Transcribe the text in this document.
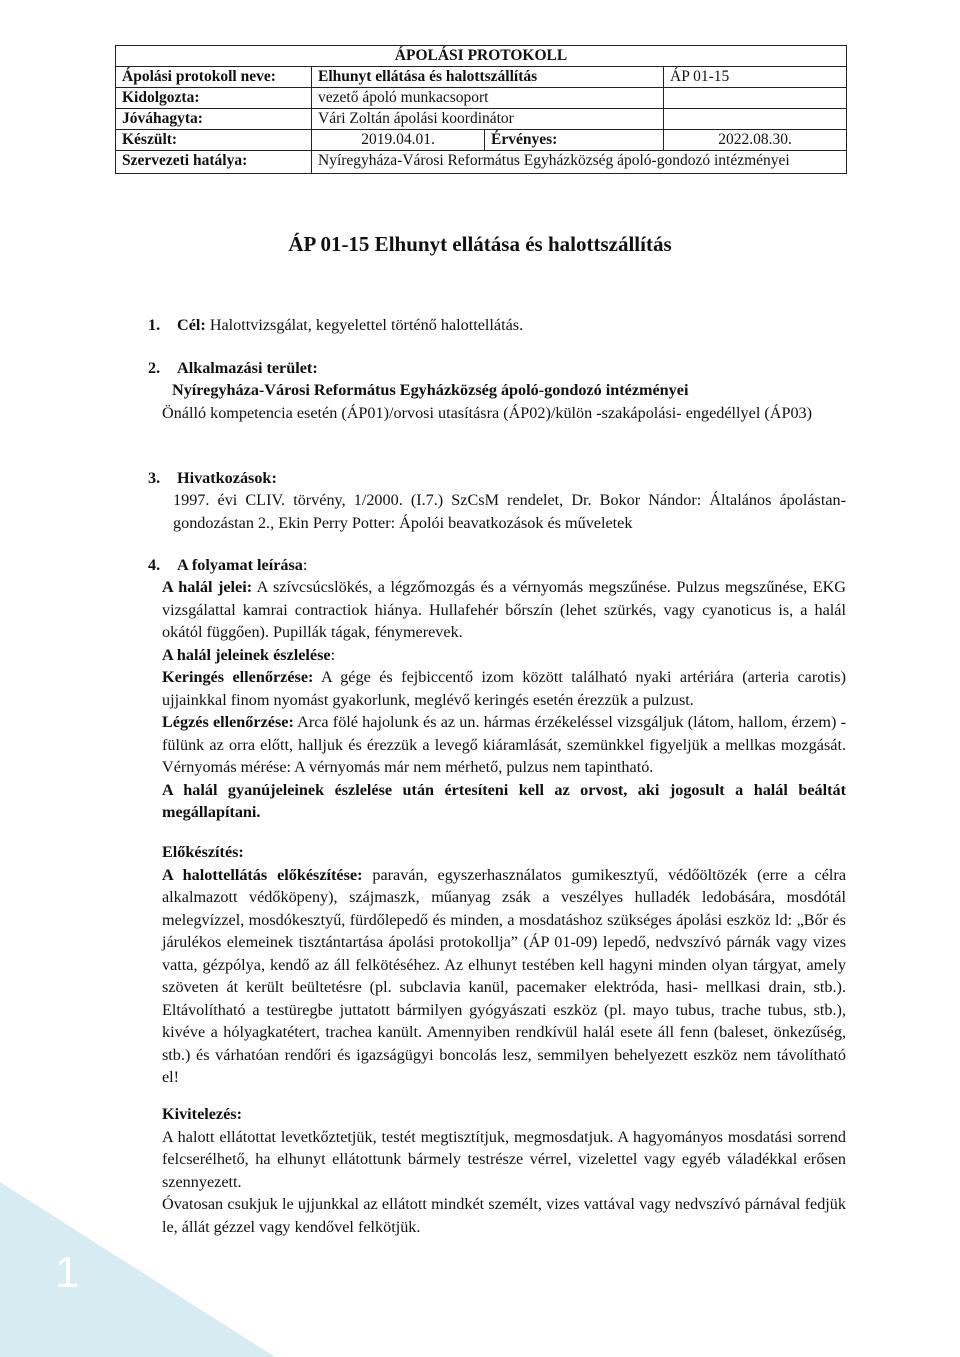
1
ÁPOLÁSI PROTOKOLL			
Ápolási protokoll neve:	Elhunyt ellátása és halottszállítás		ÁP 01-15
Kidolgozta:	vezető ápoló munkacsoport		
Jóváhagyta:	Vári Zoltán ápolási koordinátor		
Készült:	2019.04.01.	Érvényes:	2022.08.30.
Szervezeti hatálya:	Nyíregyháza-Városi Református Egyházközség ápoló-gondozó intézményei		
ÁP 01-15 Elhunyt ellátása és halottszállítás
1. Cél: Halottvizsgálat, kegyelettel történő halottellátás.
2. Alkalmazási terület:
Nyíregyháza-Városi Református Egyházközség ápoló-gondozó intézményei
Önálló kompetencia esetén (ÁP01)/orvosi utasításra (ÁP02)/külön -szakápolási- engedéllyel (ÁP03)
3. Hivatkozások:
1997. évi CLIV. törvény, 1/2000. (I.7.) SzCsM rendelet, Dr. Bokor Nándor: Általános ápolástan-gondozástan 2., Ekin Perry Potter: Ápolói beavatkozások és műveletek
4. A folyamat leírása:

A halál jelei: A szívcsúcslökés, a légzőmozgás és a vérnyomás megszűnése. Pulzus megszűnése, EKG vizsgálattal kamrai contractiok hiánya. Hullafehér bőrszín (lehet szürkés, vagy cyanoticus is, a halál okától függően). Pupillák tágak, fénymerevek.

A halál jeleinek észlelése:

Keringés ellenőrzése: A gége és fejbiccentő izom között található nyaki artériára (arteria carotis) ujjainkkal finom nyomást gyakorlunk, meglévő keringés esetén érezzük a pulzust.

Légzés ellenőrzése: Arca fölé hajolunk és az un. hármas érzékeléssel vizsgáljuk (látom, hallom, érzem) - fülünk az orra előtt, halljuk és érezzük a levegő kiáramlását, szemünkkel figyeljük a mellkas mozgását. Vérnyomás mérése: A vérnyomás már nem mérhető, pulzus nem tapintható.

A halál gyanújeleinek észlelése után értesíteni kell az orvost, aki jogosult a halál beáltát megállapítani.

Előkészítés:

A halottellátás előkészítése: paraván, egyszerhasználatos gumikesztyű, védőöltözék (erre a célra alkalmazott védőköpeny), szájmaszk, műanyag zsák a veszélyes hulladék ledobására, mosdótál melegvízzel, mosdókesztyű, fürdőlepedő és minden, a mosdatáshoz szükséges ápolási eszköz ld: „Bőr és járulékos elemeinek tisztántartása ápolási protokollja” (ÁP 01-09) lepedő, nedvszívó párnák vagy vizes vatta, gézpólya, kendő az áll felkötéséhez. Az elhunyt testében kell hagyni minden olyan tárgyat, amely szöveten át került beültetésre (pl. subclavia kanül, pacemaker elektróda, hasi- mellkasi drain, stb.). Eltávolítható a testüregbe juttatott bármilyen gyógyászati eszköz (pl. mayo tubus, trache tubus, stb.), kivéve a hólyagkatétert, trachea kanült. Amennyiben rendkívül halál esete áll fenn (baleset, önkezűség, stb.) és várhatóan rendőri és igazságügyi boncolás lesz, semmilyen behelyezett eszköz nem távolítható el!

Kivitelezés:

A halott ellátottat levetkőztetjük, testét megtisztítjuk, megmosdatjuk. A hagyományos mosdatási sorrend felcserélhető, ha elhunyt ellátottunk bármely testrésze vérrel, vizelettel vagy egyéb váladékkal erősen szennyezett.

Óvatosan csukjuk le ujjunkkal az ellátott mindkét személt, vizes vattával vagy nedvszívó párnával fedjük le, állát gézzel vagy kendővel felkötjük.
